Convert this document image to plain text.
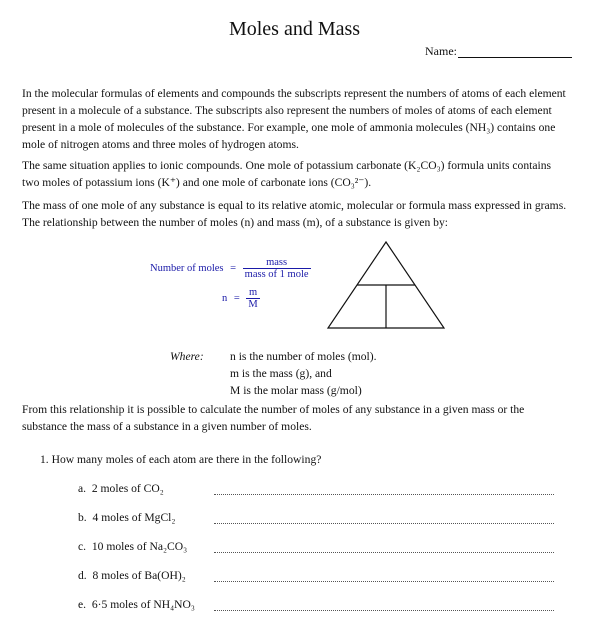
Moles and Mass
Name:

In the molecular formulas of elements and compounds the subscripts represent the numbers of atoms of each element present in a molecule of a substance. The subscripts also represent the numbers of moles of atoms of each element present in a mole of molecules of the substance. For example, one mole of ammonia molecules (NH₃) contains one mole of nitrogen atoms and three moles of hydrogen atoms.

The same situation applies to ionic compounds. One mole of potassium carbonate (K₂CO₃) formula units contains two moles of potassium ions (K⁺) and one mole of carbonate ions (CO₃²⁻).

The mass of one mole of any substance is equal to its relative atomic, molecular or formula mass expressed in grams. The relationship between the number of moles (n) and mass (m), of a substance is given by:

Number of moles = $\frac{\text{mass}}{\text{mass of 1 mole}}$
$n = \frac{m}{M}$
Where: n is the number of moles (mol).
m is the mass (g), and
M is the molar mass (g/mol)

From this relationship it is possible to calculate the number of moles of any substance in a given mass or the substance the mass of a substance in a given number of moles.

1. How many moles of each atom are there in the following?
a. 2 moles of CO₂
b. 4 moles of MgCl₂
c. 10 moles of Na₂CO₃
d. 8 moles of Ba(OH)₂
e. 6·5 moles of NH₄NO₃
